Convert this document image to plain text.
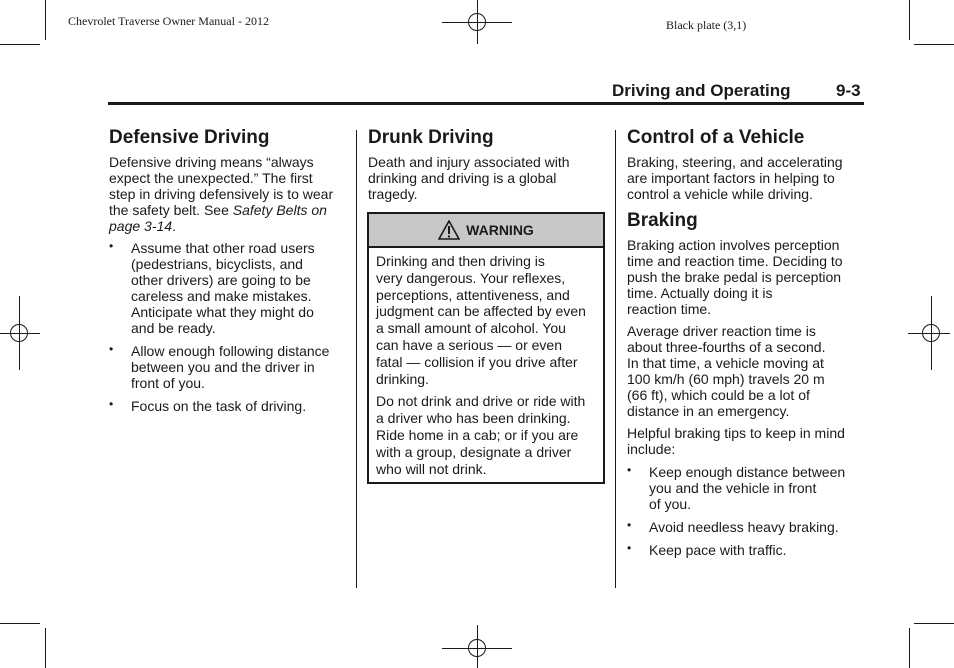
Chevrolet Traverse Owner Manual - 2012	Black plate (3,1)
Driving and Operating	9-3
Defensive Driving

Defensive driving means “always
expect the unexpected.” The first
step in driving defensively is to wear
the safety belt. See Safety Belts on
page 3-14.

• Assume that other road users
(pedestrians, bicyclists, and
other drivers) are going to be
careless and make mistakes.
Anticipate what they might do
and be ready.
• Allow enough following distance
between you and the driver in
front of you.
• Focus on the task of driving.
Drunk Driving

Death and injury associated with
drinking and driving is a global
tragedy.

WARNING

Drinking and then driving is
very dangerous. Your reflexes,
perceptions, attentiveness, and
judgment can be affected by even
a small amount of alcohol. You
can have a serious — or even
fatal — collision if you drive after
drinking.

Do not drink and drive or ride with
a driver who has been drinking.
Ride home in a cab; or if you are
with a group, designate a driver
who will not drink.

Control of a Vehicle

Braking, steering, and accelerating
are important factors in helping to
control a vehicle while driving.

Braking

Braking action involves perception
time and reaction time. Deciding to
push the brake pedal is perception
time. Actually doing it is
reaction time.

Average driver reaction time is
about three-fourths of a second.
In that time, a vehicle moving at
100 km/h (60 mph) travels 20 m
(66 ft), which could be a lot of
distance in an emergency.

Helpful braking tips to keep in mind
include:

• Keep enough distance between
you and the vehicle in front
of you.
• Avoid needless heavy braking.
• Keep pace with traffic.
